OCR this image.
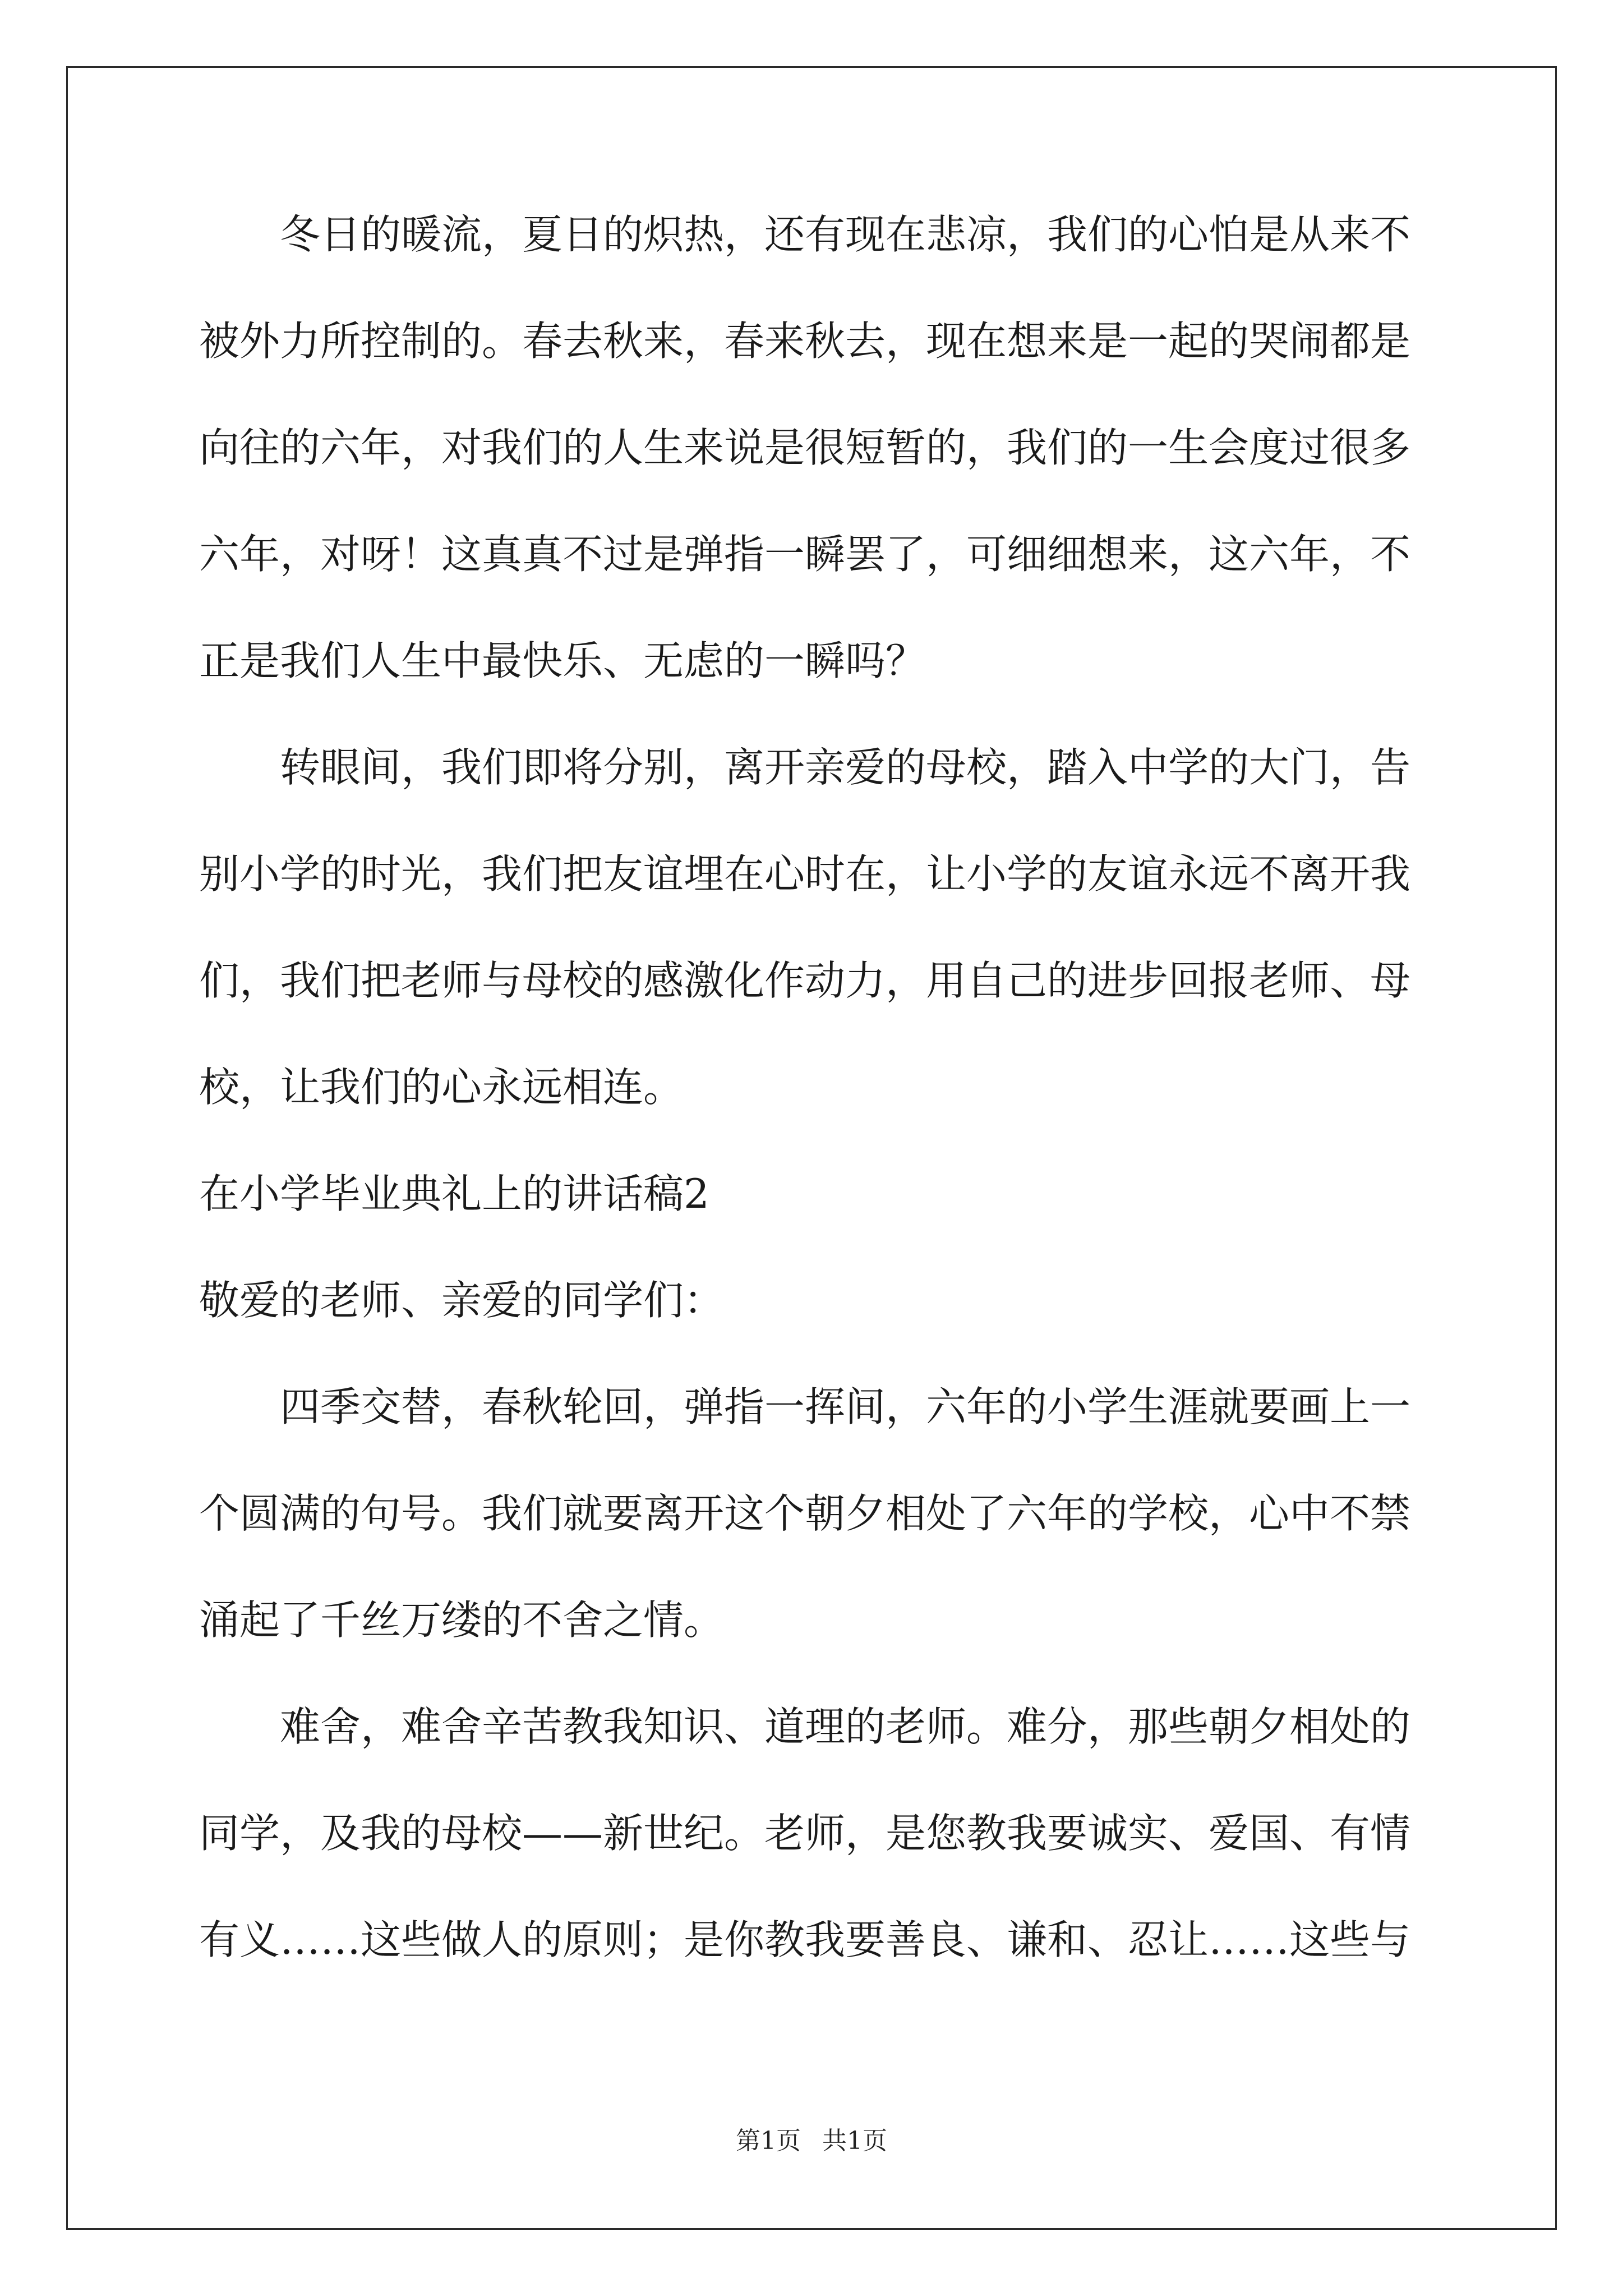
冬日的暖流，夏日的炽热，还有现在悲凉，我们的心怕是从来不
被外力所控制的。春去秋来，春来秋去，现在想来是一起的哭闹都是
向往的六年，对我们的人生来说是很短暂的，我们的一生会度过很多
六年，对呀！这真真不过是弹指一瞬罢了，可细细想来，这六年，不
正是我们人生中最快乐、无虑的一瞬吗？
转眼间，我们即将分别，离开亲爱的母校，踏入中学的大门，告
别小学的时光，我们把友谊埋在心时在，让小学的友谊永远不离开我
们，我们把老师与母校的感激化作动力，用自己的进步回报老师、母
校，让我们的心永远相连。
在小学毕业典礼上的讲话稿2
敬爱的老师、亲爱的同学们：
四季交替，春秋轮回，弹指一挥间，六年的小学生涯就要画上一
个圆满的句号。我们就要离开这个朝夕相处了六年的学校，心中不禁
涌起了千丝万缕的不舍之情。
难舍，难舍辛苦教我知识、道理的老师。难分，那些朝夕相处的
同学，及我的母校——新世纪。老师，是您教我要诚实、爱国、有情
有义……这些做人的原则；是你教我要善良、谦和、忍让……这些与
第1页 共1页
